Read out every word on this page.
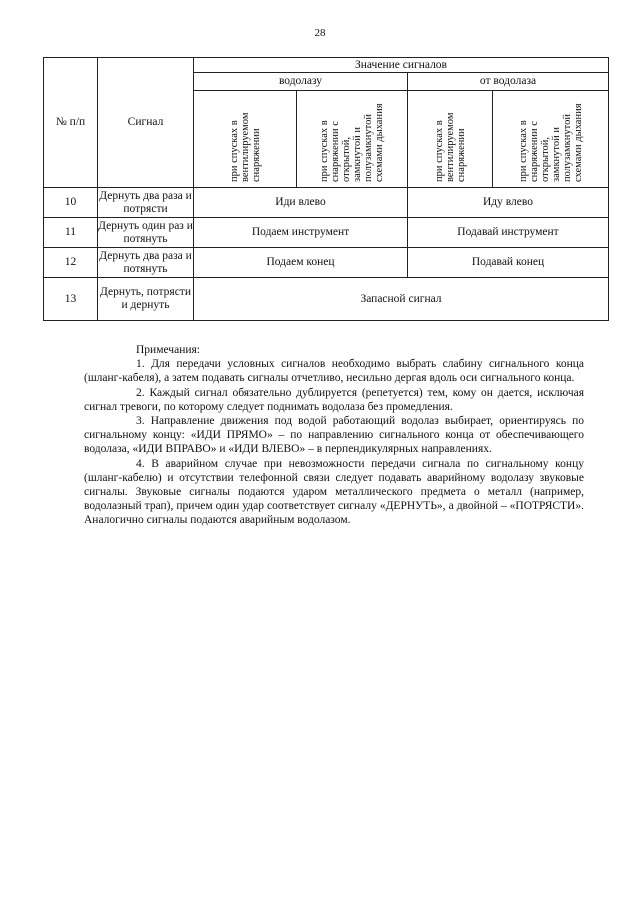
28
№ п/п	Сигнал	Значение сигналов			
		водолазу		от водолаза	
		при спусках в вентилируемом снаряжении	при спусках в снаряжении с открытой, замкнутой и полузамкнутой схемами дыхания	при спусках в вентилируемом снаряжении	при спусках в снаряжении с открытой, замкнутой и полузамкнутой схемами дыхания
10	Дернуть два раза и потрясти	Иди влево		Иду влево	
11	Дернуть один раз и потянуть	Подаем инструмент		Подавай инструмент	
12	Дернуть два раза и потянуть	Подаем конец		Подавай конец	
13	Дернуть, потрясти и дернуть	Запасной сигнал			

Примечания:

1. Для передачи условных сигналов необходимо выбрать слабину сигнального конца (шланг-кабеля), а затем подавать сигналы отчетливо, несильно дергая вдоль оси сигнального конца.

2. Каждый сигнал обязательно дублируется (репетуется) тем, кому он дается, исключая сигнал тревоги, по которому следует поднимать водолаза без промедления.

3. Направление движения под водой работающий водолаз выбирает, ориентируясь по сигнальному концу: «ИДИ ПРЯМО» – по направлению сигнального конца от обеспечивающего водолаза, «ИДИ ВПРАВО» и «ИДИ ВЛЕВО» – в перпендикулярных направлениях.

4. В аварийном случае при невозможности передачи сигнала по сигнальному концу (шланг-кабелю) и отсутствии телефонной связи следует подавать аварийному водолазу звуковые сигналы. Звуковые сигналы подаются ударом металлического предмета о металл (например, водолазный трап), причем один удар соответствует сигналу «ДЕРНУТЬ», а двойной – «ПОТРЯСТИ». Аналогично сигналы подаются аварийным водолазом.
